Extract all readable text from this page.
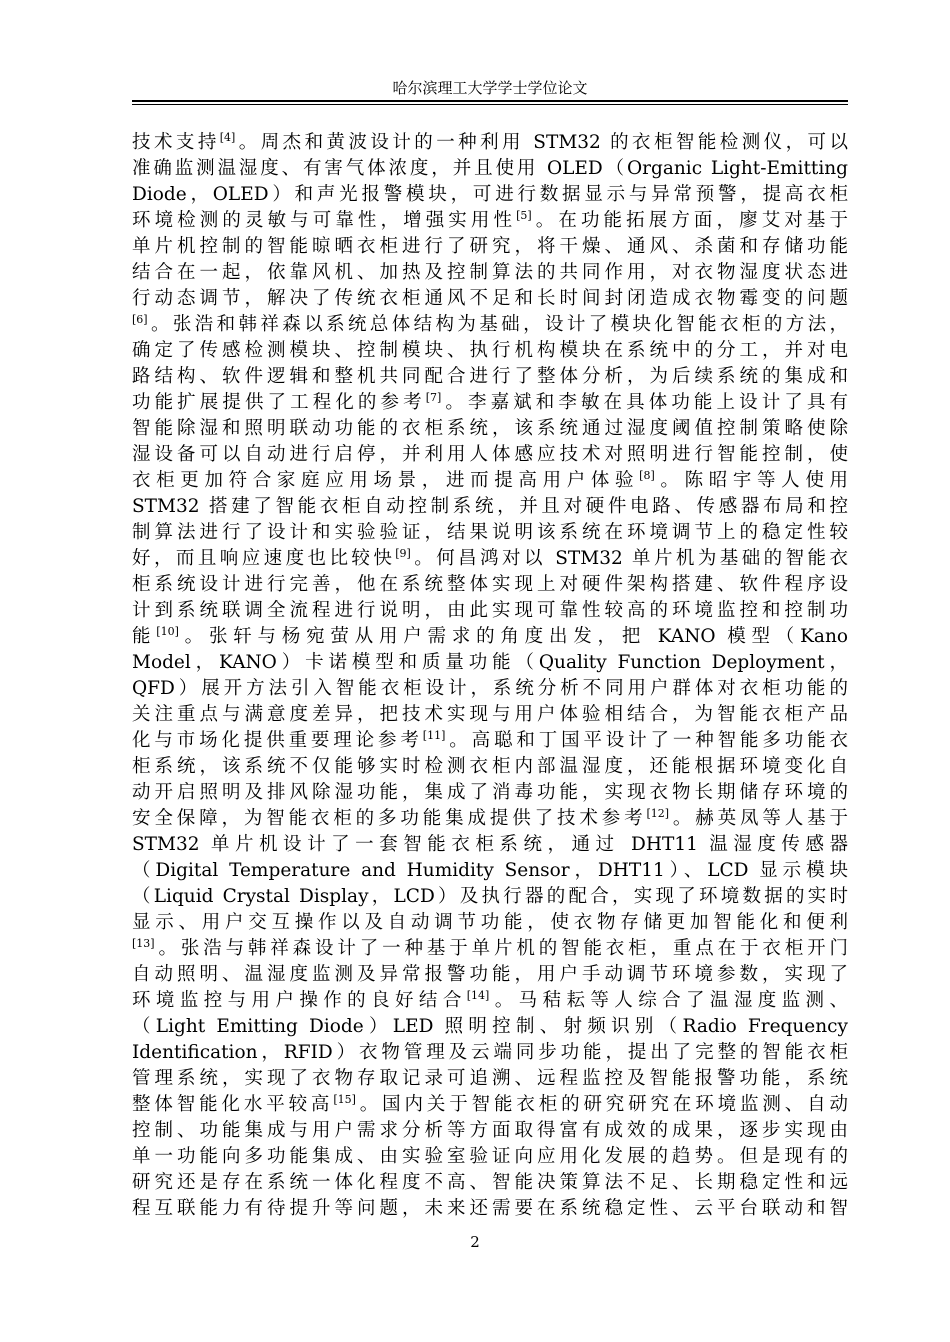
哈尔滨理工大学学士学位论文
技术支持[4]。周杰和黄波设计的一种利用 STM32 的衣柜智能检测仪，可以
准确监测温湿度、有害气体浓度，并且使用 OLED（Organic Light-Emitting
Diode，OLED）和声光报警模块，可进行数据显示与异常预警，提高衣柜
环境检测的灵敏与可靠性，增强实用性[5]。在功能拓展方面，廖艾对基于
单片机控制的智能晾晒衣柜进行了研究，将干燥、通风、杀菌和存储功能
结合在一起，依靠风机、加热及控制算法的共同作用，对衣物湿度状态进
行动态调节，解决了传统衣柜通风不足和长时间封闭造成衣物霉变的问题
[6]。张浩和韩祥森以系统总体结构为基础，设计了模块化智能衣柜的方法，
确定了传感检测模块、控制模块、执行机构模块在系统中的分工，并对电
路结构、软件逻辑和整机共同配合进行了整体分析，为后续系统的集成和
功能扩展提供了工程化的参考[7]。李嘉斌和李敏在具体功能上设计了具有
智能除湿和照明联动功能的衣柜系统，该系统通过湿度阈值控制策略使除
湿设备可以自动进行启停，并利用人体感应技术对照明进行智能控制，使
衣柜更加符合家庭应用场景，进而提高用户体验[8]。陈昭宇等人使用
STM32 搭建了智能衣柜自动控制系统，并且对硬件电路、传感器布局和控
制算法进行了设计和实验验证，结果说明该系统在环境调节上的稳定性较
好，而且响应速度也比较快[9]。何昌鸿对以 STM32 单片机为基础的智能衣
柜系统设计进行完善，他在系统整体实现上对硬件架构搭建、软件程序设
计到系统联调全流程进行说明，由此实现可靠性较高的环境监控和控制功
能[10]。张轩与杨宛萤从用户需求的角度出发，把 KANO 模型（Kano
Model，KANO）卡诺模型和质量功能（Quality Function Deployment，
QFD）展开方法引入智能衣柜设计，系统分析不同用户群体对衣柜功能的
关注重点与满意度差异，把技术实现与用户体验相结合，为智能衣柜产品
化与市场化提供重要理论参考[11]。高聪和丁国平设计了一种智能多功能衣
柜系统，该系统不仅能够实时检测衣柜内部温湿度，还能根据环境变化自
动开启照明及排风除湿功能，集成了消毒功能，实现衣物长期储存环境的
安全保障，为智能衣柜的多功能集成提供了技术参考[12]。赫英凤等人基于
STM32 单片机设计了一套智能衣柜系统，通过 DHT11 温湿度传感器
（Digital Temperature and Humidity Sensor，DHT11）、LCD 显示模块
（Liquid Crystal Display，LCD）及执行器的配合，实现了环境数据的实时
显示、用户交互操作以及自动调节功能，使衣物存储更加智能化和便利
[13]。张浩与韩祥森设计了一种基于单片机的智能衣柜，重点在于衣柜开门
自动照明、温湿度监测及异常报警功能，用户手动调节环境参数，实现了
环境监控与用户操作的良好结合[14]。马秸耘等人综合了温湿度监测、
（Light Emitting Diode）LED 照明控制、射频识别（Radio Frequency
Identification，RFID）衣物管理及云端同步功能，提出了完整的智能衣柜
管理系统，实现了衣物存取记录可追溯、远程监控及智能报警功能，系统
整体智能化水平较高[15]。国内关于智能衣柜的研究研究在环境监测、自动
控制、功能集成与用户需求分析等方面取得富有成效的成果，逐步实现由
单一功能向多功能集成、由实验室验证向应用化发展的趋势。但是现有的
研究还是存在系统一体化程度不高、智能决策算法不足、长期稳定性和远
程互联能力有待提升等问题，未来还需要在系统稳定性、云平台联动和智
2
